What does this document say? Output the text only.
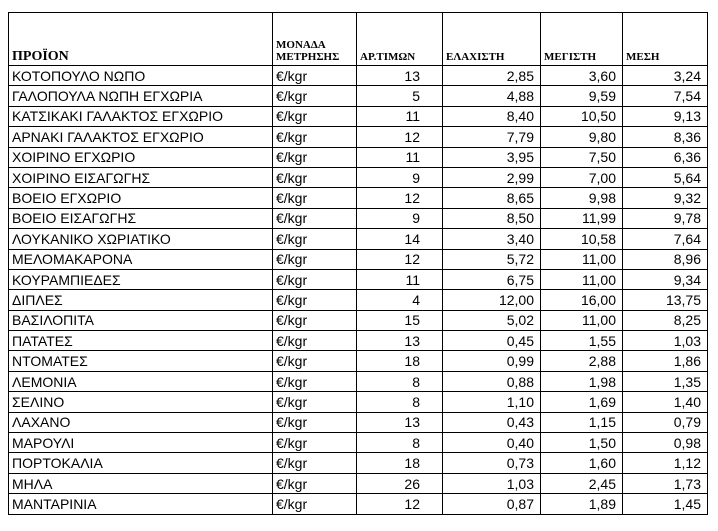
ΠΡΟΪΟΝ	ΜΟΝΑΔΑ ΜΕΤΡΗΣΗΣ	ΑΡ.ΤΙΜΩΝ	ΕΛΑΧΙΣΤΗ	ΜΕΓΙΣΤΗ	ΜΕΣΗ
ΚΟΤΟΠΟΥΛΟ ΝΩΠΟ	€/kgr	13	2,85	3,60	3,24
ΓΑΛΟΠΟΥΛΑ ΝΩΠΗ ΕΓΧΩΡΙΑ	€/kgr	5	4,88	9,59	7,54
ΚΑΤΣΙΚΑΚΙ ΓΑΛΑΚΤΟΣ ΕΓΧΩΡΙΟ	€/kgr	11	8,40	10,50	9,13
ΑΡΝΑΚΙ ΓΑΛΑΚΤΟΣ ΕΓΧΩΡΙΟ	€/kgr	12	7,79	9,80	8,36
ΧΟΙΡΙΝΟ ΕΓΧΩΡΙΟ	€/kgr	11	3,95	7,50	6,36
ΧΟΙΡΙΝΟ ΕΙΣΑΓΩΓΗΣ	€/kgr	9	2,99	7,00	5,64
ΒΟΕΙΟ ΕΓΧΩΡΙΟ	€/kgr	12	8,65	9,98	9,32
ΒΟΕΙΟ ΕΙΣΑΓΩΓΗΣ	€/kgr	9	8,50	11,99	9,78
ΛΟΥΚΑΝΙΚΟ ΧΩΡΙΑΤΙΚΟ	€/kgr	14	3,40	10,58	7,64
ΜΕΛΟΜΑΚΑΡΟΝΑ	€/kgr	12	5,72	11,00	8,96
ΚΟΥΡΑΜΠΙΕΔΕΣ	€/kgr	11	6,75	11,00	9,34
ΔΙΠΛΕΣ	€/kgr	4	12,00	16,00	13,75
ΒΑΣΙΛΟΠΙΤΑ	€/kgr	15	5,02	11,00	8,25
ΠΑΤΑΤΕΣ	€/kgr	13	0,45	1,55	1,03
ΝΤΟΜΑΤΕΣ	€/kgr	18	0,99	2,88	1,86
ΛΕΜΟΝΙΑ	€/kgr	8	0,88	1,98	1,35
ΣΕΛΙΝΟ	€/kgr	8	1,10	1,69	1,40
ΛΑΧΑΝΟ	€/kgr	13	0,43	1,15	0,79
ΜΑΡΟΥΛΙ	€/kgr	8	0,40	1,50	0,98
ΠΟΡΤΟΚΑΛΙΑ	€/kgr	18	0,73	1,60	1,12
ΜΗΛΑ	€/kgr	26	1,03	2,45	1,73
ΜΑΝΤΑΡΙΝΙΑ	€/kgr	12	0,87	1,89	1,45
